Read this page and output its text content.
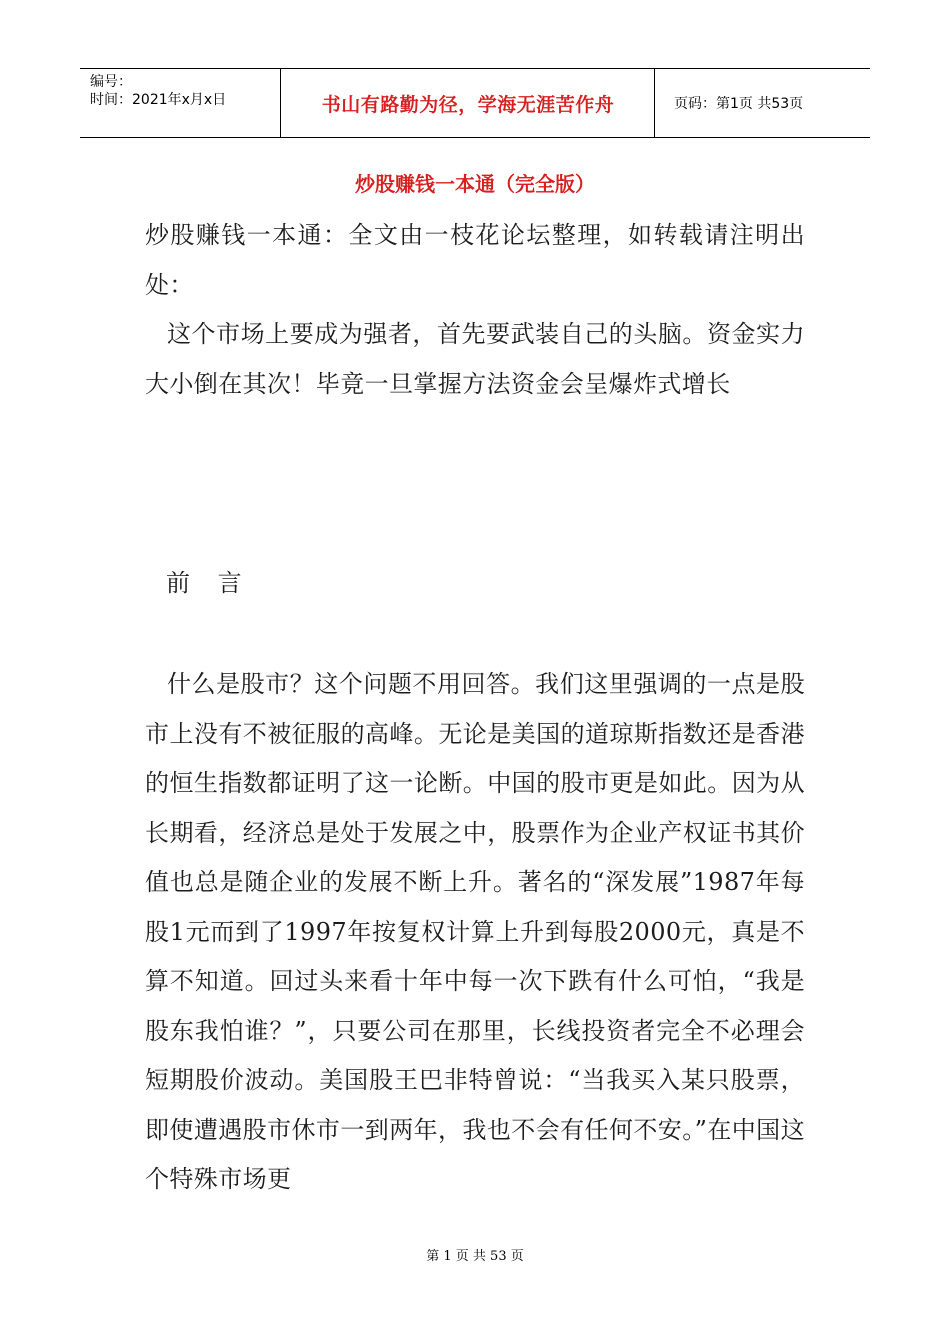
编号：
时间：2021年x月x日	书山有路勤为径，学海无涯苦作舟	页码：第1页 共53页
炒股赚钱一本通（完全版）
炒股赚钱一本通：全文由一枝花论坛整理，如转载请注明出处：
这个市场上要成为强者，首先要武装自己的头脑。资金实力大小倒在其次！毕竟一旦掌握方法资金会呈爆炸式增长
前 言
什么是股市？这个问题不用回答。我们这里强调的一点是股市上没有不被征服的高峰。无论是美国的道琼斯指数还是香港的恒生指数都证明了这一论断。中国的股市更是如此。因为从长期看，经济总是处于发展之中，股票作为企业产权证书其价值也总是随企业的发展不断上升。著名的“深发展”1987年每股1元而到了1997年按复权计算上升到每股2000元，真是不算不知道。回过头来看十年中每一次下跌有什么可怕，“我是股东我怕谁？”，只要公司在那里，长线投资者完全不必理会短期股价波动。美国股王巴非特曾说：“当我买入某只股票，即使遭遇股市休市一到两年，我也不会有任何不安。”在中国这个特殊市场更
第 1 页 共 53 页
